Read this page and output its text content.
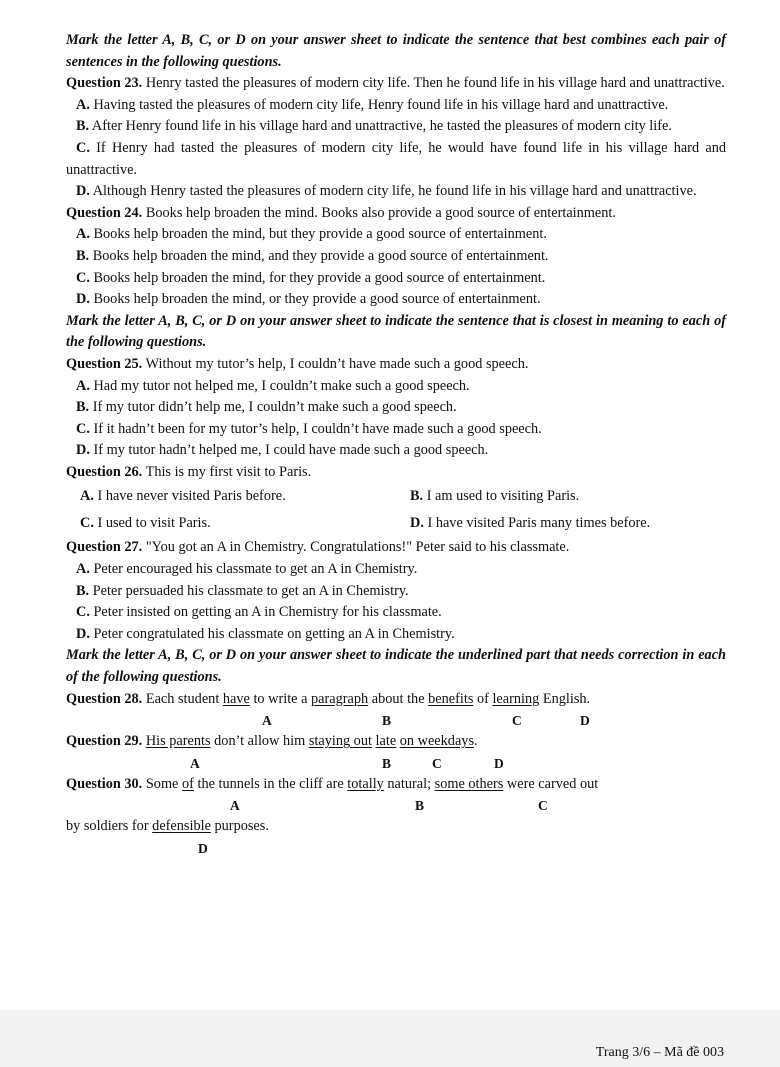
Mark the letter A, B, C, or D on your answer sheet to indicate the sentence that best combines each pair of sentences in the following questions.
Question 23. Henry tasted the pleasures of modern city life. Then he found life in his village hard and unattractive.
A. Having tasted the pleasures of modern city life, Henry found life in his village hard and unattractive.
B. After Henry found life in his village hard and unattractive, he tasted the pleasures of modern city life.
C. If Henry had tasted the pleasures of modern city life, he would have found life in his village hard and unattractive.
D. Although Henry tasted the pleasures of modern city life, he found life in his village hard and unattractive.
Question 24. Books help broaden the mind. Books also provide a good source of entertainment.
A. Books help broaden the mind, but they provide a good source of entertainment.
B. Books help broaden the mind, and they provide a good source of entertainment.
C. Books help broaden the mind, for they provide a good source of entertainment.
D. Books help broaden the mind, or they provide a good source of entertainment.
Mark the letter A, B, C, or D on your answer sheet to indicate the sentence that is closest in meaning to each of the following questions.
Question 25. Without my tutor’s help, I couldn’t have made such a good speech.
A. Had my tutor not helped me, I couldn’t make such a good speech.
B. If my tutor didn’t help me, I couldn’t make such a good speech.
C. If it hadn’t been for my tutor’s help, I couldn’t have made such a good speech.
D. If my tutor hadn’t helped me, I could have made such a good speech.
Question 26. This is my first visit to Paris.
A. I have never visited Paris before.	B. I am used to visiting Paris.
C. I used to visit Paris.	D. I have visited Paris many times before.
Question 27. "You got an A in Chemistry. Congratulations!" Peter said to his classmate.
A. Peter encouraged his classmate to get an A in Chemistry.
B. Peter persuaded his classmate to get an A in Chemistry.
C. Peter insisted on getting an A in Chemistry for his classmate.
D. Peter congratulated his classmate on getting an A in Chemistry.
Mark the letter A, B, C, or D on your answer sheet to indicate the underlined part that needs correction in each of the following questions.
Question 28. Each student have to write a paragraph about the benefits of learning English.
A	B	C	D
Question 29. His parents don’t allow him staying out late on weekdays.
A	B	C	D
Question 30. Some of the tunnels in the cliff are totally natural; some others were carved out
A	B	C
by soldiers for defensible purposes.
D
Trang 3/6 – Mã đề 003
